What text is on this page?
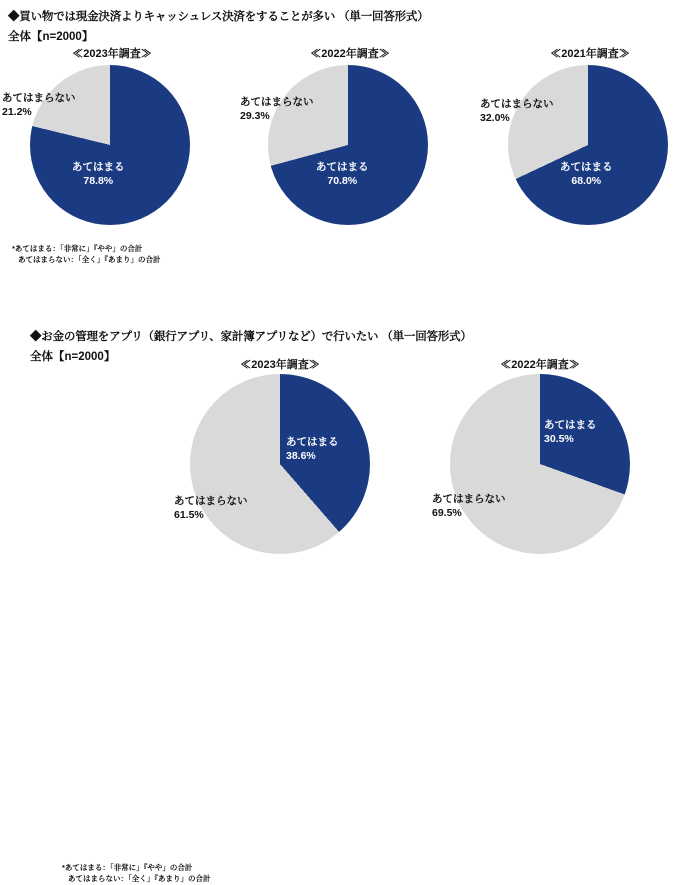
◆買い物では現金決済よりキャッシュレス決済をすることが多い （単一回答形式）
全体【n=2000】
≪2023年調査≫
あてはまらない
21.2%
あてはまる
78.8%
≪2022年調査≫
あてはまらない
29.3%
あてはまる
70.8%
≪2021年調査≫
あてはまらない
32.0%
あてはまる
68.0%
*あてはまる：「非常に」『やや」の合計
あてはまらない：「全く」『あまり」の合計
◆お金の管理をアプリ（銀行アプリ、家計簿アプリなど）で行いたい （単一回答形式）
全体【n=2000】
≪2023年調査≫
あてはまる
38.6%
あてはまらない
61.5%
≪2022年調査≫
あてはまる
30.5%
あてはまらない
69.5%
*あてはまる：「非常に」『やや」の合計
あてはまらない：「全く」『あまり」の合計
